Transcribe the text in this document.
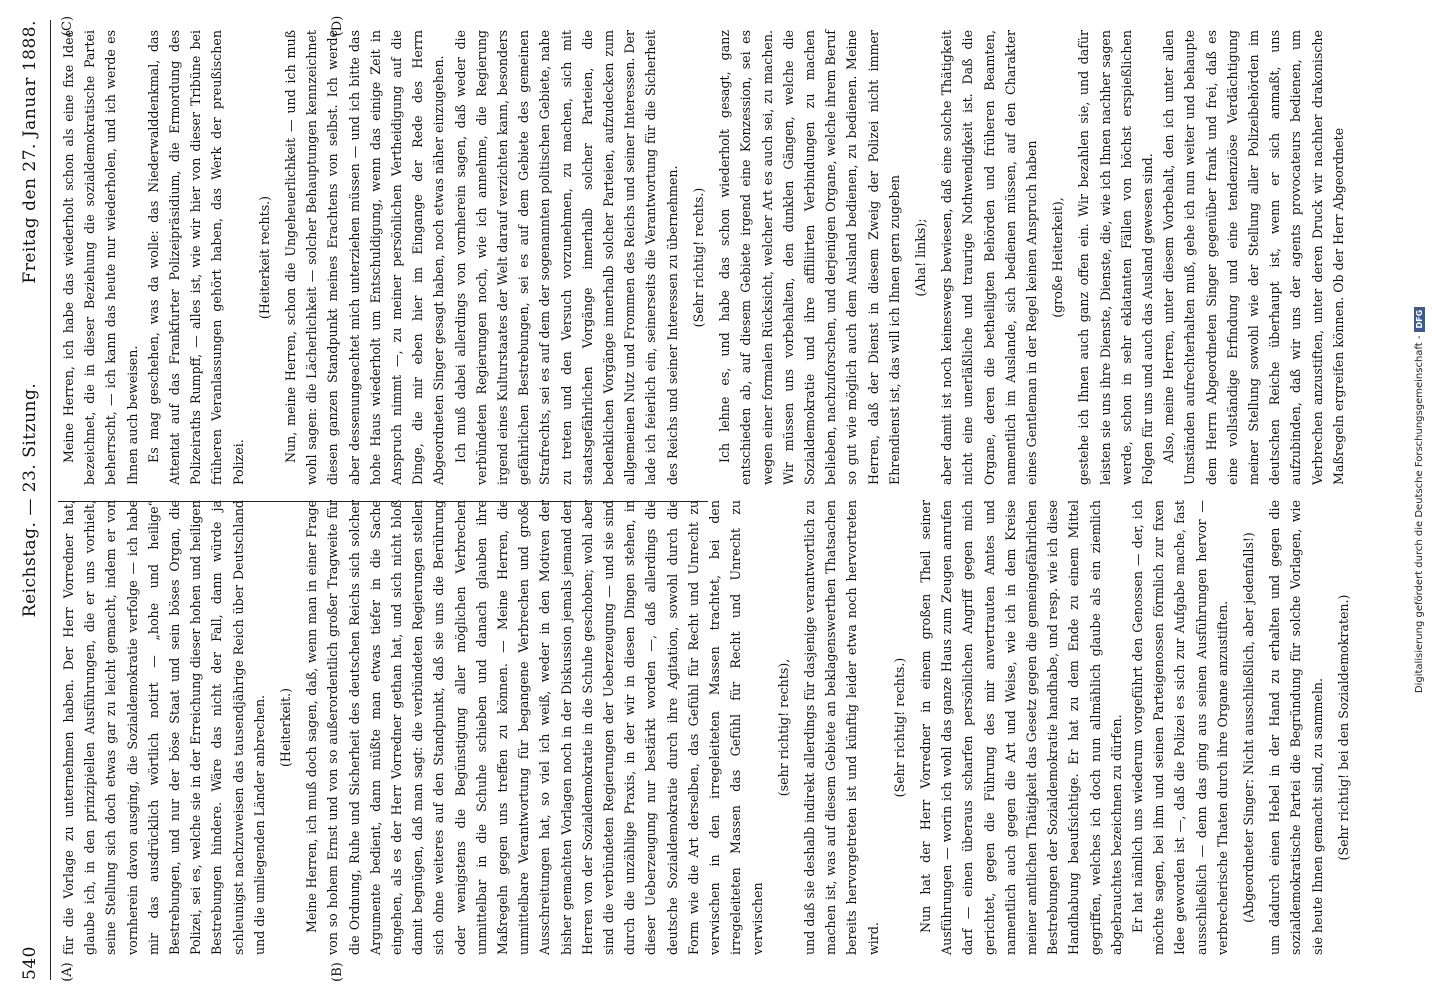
540
Reichstag. — 23. Sitzung.
Freitag den 27. Januar 1888.
(A)	(B)
(C)	(D)

für die Vorlage zu unternehmen haben. Der Herr Vorredner hat, glaube ich, in den prinzipiellen Ausführungen, die er uns vorhielt, seine Stellung sich doch etwas gar zu leicht gemacht, indem er von vornherein davon ausging, die Sozialdemokratie verfolge — ich habe mir das ausdrücklich wörtlich notirt — „hohe und heilige“ Bestrebungen, und nur der böse Staat und sein böses Organ, die Polizei, sei es, welche sie in der Erreichung dieser hohen und heiligen Bestrebungen hindere. Wäre das nicht der Fall, dann würde ja schleunigst nachzuweisen das tausendjährige Reich über Deutschland und die umliegenden Länder anbrechen. (Heiterkeit.) Meine Herren, ich muß doch sagen, daß, wenn man in einer Frage von so hohem Ernst und von so außerordentlich großer Tragweite für die Ordnung, Ruhe und Sicherheit des deutschen Reichs sich solcher Argumente bedient, dann müßte man etwas tiefer in die Sache eingehen, als es der Herr Vorredner gethan hat, und sich nicht bloß damit begnügen, daß man sagt: die verbündeten Regierungen stellen sich ohne weiteres auf den Standpunkt, daß sie uns die Berührung oder wenigstens die Begünstigung aller möglichen Verbrechen unmittelbar in die Schuhe schieben und danach glauben ihre Maßregeln gegen uns treffen zu können. — Meine Herren, die unmittelbare Verantwortung für begangene Verbrechen und große Ausschreitungen hat, so viel ich weiß, weder in den Motiven der bisher gemachten Vorlagen noch in der Diskussion jemals jemand den Herren von der Sozialdemokratie in die Schuhe geschoben; wohl aber sind die verbündeten Regierungen der Ueberzeugung — und sie sind durch die unzählige Praxis, in der wir in diesen Dingen stehen, in dieser Ueberzeugung nur bestärkt worden —, daß allerdings die deutsche Sozialdemokratie durch ihre Agitation, sowohl durch die Form wie die Art derselben, das Gefühl für Recht und Unrecht zu verwischen in den irregeleiteten Massen trachtet, bei den irregeleiteten Massen das Gefühl für Recht und Unrecht zu verwischen

(sehr richtig! rechts), und daß sie deshalb indirekt allerdings für dasjenige verantwortlich zu machen ist, was auf diesem Gebiete an beklagenswerthen Thatsachen bereits hervorgetreten ist und künftig leider etwa noch hervortreten wird.

(Sehr richtig! rechts.) Nun hat der Herr Vorredner in einem großen Theil seiner Ausführungen — worin ich wohl das ganze Haus zum Zeugen anrufen darf — einen überaus scharfen persönlichen Angriff gegen mich gerichtet, gegen die Führung des mir anvertrauten Amtes und namentlich auch gegen die Art und Weise, wie ich in dem Kreise meiner amtlichen Thätigkeit das Gesetz gegen die gemeingefährlichen Bestrebungen der Sozialdemokratie handhabe, und resp. wie ich diese Handhabung beaufsichtige. Er hat zu dem Ende zu einem Mittel gegriffen, welches ich doch nun allmählich glaube als ein ziemlich abgebrauchtes bezeichnen zu dürfen. Er hat nämlich uns wiederum vorgeführt den Genossen — der, ich möchte sagen, bei ihm und seinen Parteigenossen förmlich zur fixen Idee geworden ist —, daß die Polizei es sich zur Aufgabe mache, fast ausschließlich — denn das ging aus seinen Ausführungen hervor — verbrecherische Thaten durch ihre Organe anzustiften. (Abgeordneter Singer: Nicht ausschließlich, aber jedenfalls!) um dadurch einen Hebel in der Hand zu erhalten und gegen die sozialdemokratische Partei die Begründung für solche Vorlagen, wie sie heute Ihnen gemacht sind, zu sammeln. (Sehr richtig! bei den Sozialdemokraten.)

Meine Herren, ich habe das wiederholt schon als eine fixe Idee bezeichnet, die in dieser Beziehung die sozialdemokratische Partei beherrscht, — ich kann das heute nur wiederholen, und ich werde es Ihnen auch beweisen. Es mag geschehen, was da wolle: das Niederwalddenkmal, das Attentat auf das Frankfurter Polizeipräsidium, die Ermordung des Polizeiraths Rumpff, — alles ist, wie wir hier von dieser Tribüne bei früheren Veranlassungen gehört haben, das Werk der preußischen Polizei.

(Heiterkeit rechts.) Nun, meine Herren, schon die Ungeheuerlichkeit — und ich muß wohl sagen: die Lächerlichkeit — solcher Behauptungen kennzeichnet diesen ganzen Standpunkt meines Erachtens von selbst. Ich werde aber dessenungeachtet mich unterziehen müssen — und ich bitte das hohe Haus wiederholt um Entschuldigung, wenn das einige Zeit in Anspruch nimmt —, zu meiner persönlichen Vertheidigung auf die Dinge, die mir eben hier im Eingange der Rede des Herrn Abgeordneten Singer gesagt haben, noch etwas näher einzugehen. Ich muß dabei allerdings von vornherein sagen, daß weder die verbündeten Regierungen noch, wie ich annehme, die Regierung irgend eines Kulturstaates der Welt darauf verzichten kann, besonders gefährlichen Bestrebungen, sei es auf dem Gebiete des gemeinen Strafrechts, sei es auf dem der sogenannten politischen Gebiete, nahe zu treten und den Versuch vorzunehmen, zu machen, sich mit staatsgefährlichen Vorgänge innerhalb solcher Parteien, die bedenklichen Vorgänge innerhalb solcher Parteien, aufzudecken zum allgemeinen Nutz und Frommen des Reichs und seiner Interessen. Der lade ich feierlich ein, seinerseits die Verantwortung für die Sicherheit des Reichs und seiner Interessen zu übernehmen. (Sehr richtig! rechts.) Ich lehne es, und habe das schon wiederholt gesagt, ganz entschieden ab, auf diesem Gebiete irgend eine Konzession, sei es wegen einer formalen Rücksicht, welcher Art es auch sei, zu machen. Wir müssen uns vorbehalten, den dunklen Gängen, welche die Sozialdemokratie und ihre affiliirten Verbindungen zu machen belieben, nachzuforschen, und derjenigen Organe, welche ihrem Beruf so gut wie möglich auch dem Ausland bedienen, zu bedienen. Meine Herren, daß der Dienst in diesem Zweig der Polizei nicht immer Ehrendienst ist, das will ich Ihnen gern zugeben (Aha! links); aber damit ist noch keineswegs bewiesen, daß eine solche Thätigkeit nicht eine unerläßliche und traurige Nothwendigkeit ist. Daß die Organe, deren die betheiligten Behörden und früheren Beamten, namentlich im Auslande, sich bedienen müssen, auf den Charakter eines Gentleman in der Regel keinen Anspruch haben (große Heiterkeit), gestehe ich Ihnen auch ganz offen ein. Wir bezahlen sie, und dafür leisten sie uns ihre Dienste, Dienste, die, wie ich Ihnen nachher sagen werde, schon in sehr eklatanten Fällen von höchst erspießlichen Folgen für uns und auch das Ausland gewesen sind. Also, meine Herren, unter diesem Vorbehalt, den ich unter allen Umständen aufrechterhalten muß, gehe ich nun weiter und behaupte dem Herrn Abgeordneten Singer gegenüber frank und frei, daß es eine vollständige Erfindung und eine tendenziöse Verdächtigung meiner Stellung sowohl wie der Stellung aller Polizeibehörden im deutschen Reiche überhaupt ist, wenn er sich anmaßt, uns aufzubinden, daß wir uns der agents provocateurs bedienen, um Verbrechen anzustiften, unter deren Druck wir nachher drakonische Maßregeln ergreifen können. Ob der Herr Abgeordnete

Digitalisierung gefördert durch die Deutsche Forschungsgemeinschaft -DFG
